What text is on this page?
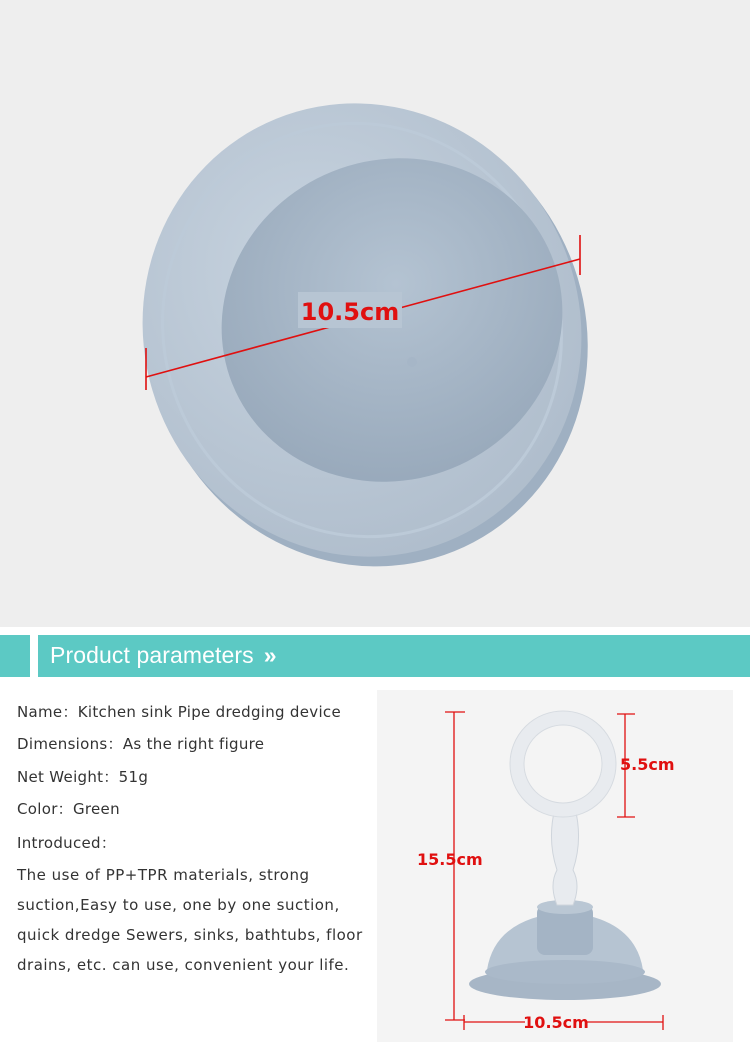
10.5cm
Product parameters »
Name：Kitchen sink Pipe dredging device
Dimensions：As the right figure
Net Weight：51g
Color：Green
Introduced：
The use of PP+TPR materials, strong suction,Easy to use, one by one suction, quick dredge Sewers, sinks, bathtubs, floor drains, etc. can use, convenient your life.
5.5cm
15.5cm
10.5cm
